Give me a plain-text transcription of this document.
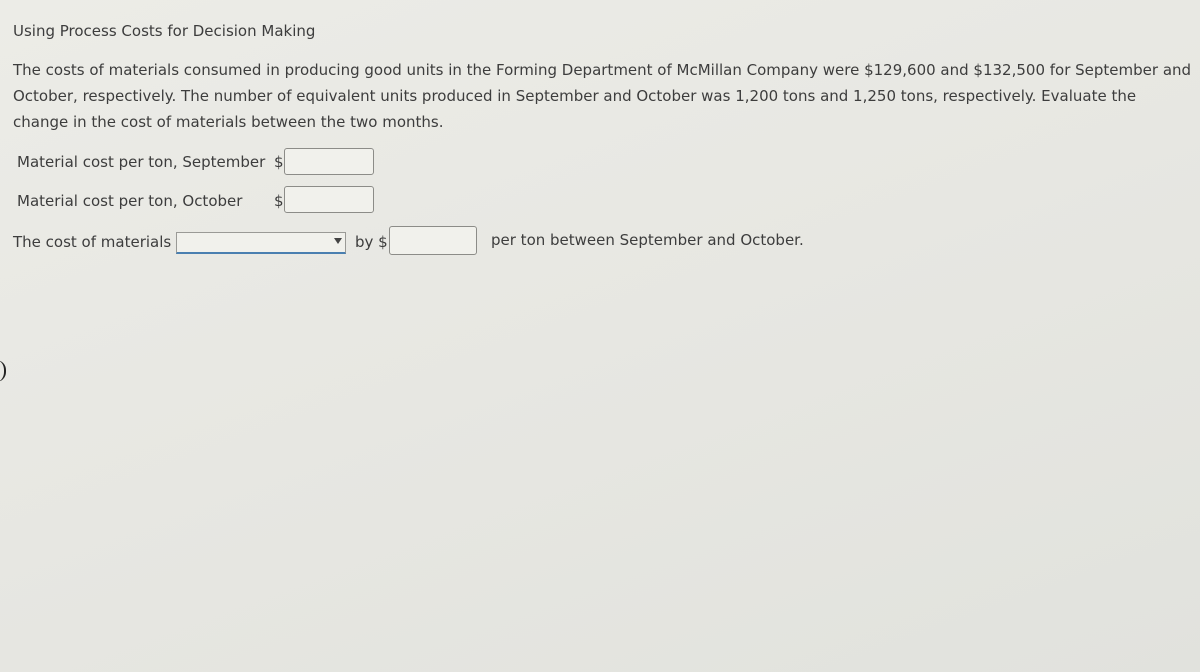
Using Process Costs for Decision Making
The costs of materials consumed in producing good units in the Forming Department of McMillan Company were $129,600 and $132,500 for September and October, respectively. The number of equivalent units produced in September and October was 1,200 tons and 1,250 tons, respectively. Evaluate the change in the cost of materials between the two months.
Material cost per ton, September $
Material cost per ton, October $
The cost of materials	by $	per ton between September and October.
